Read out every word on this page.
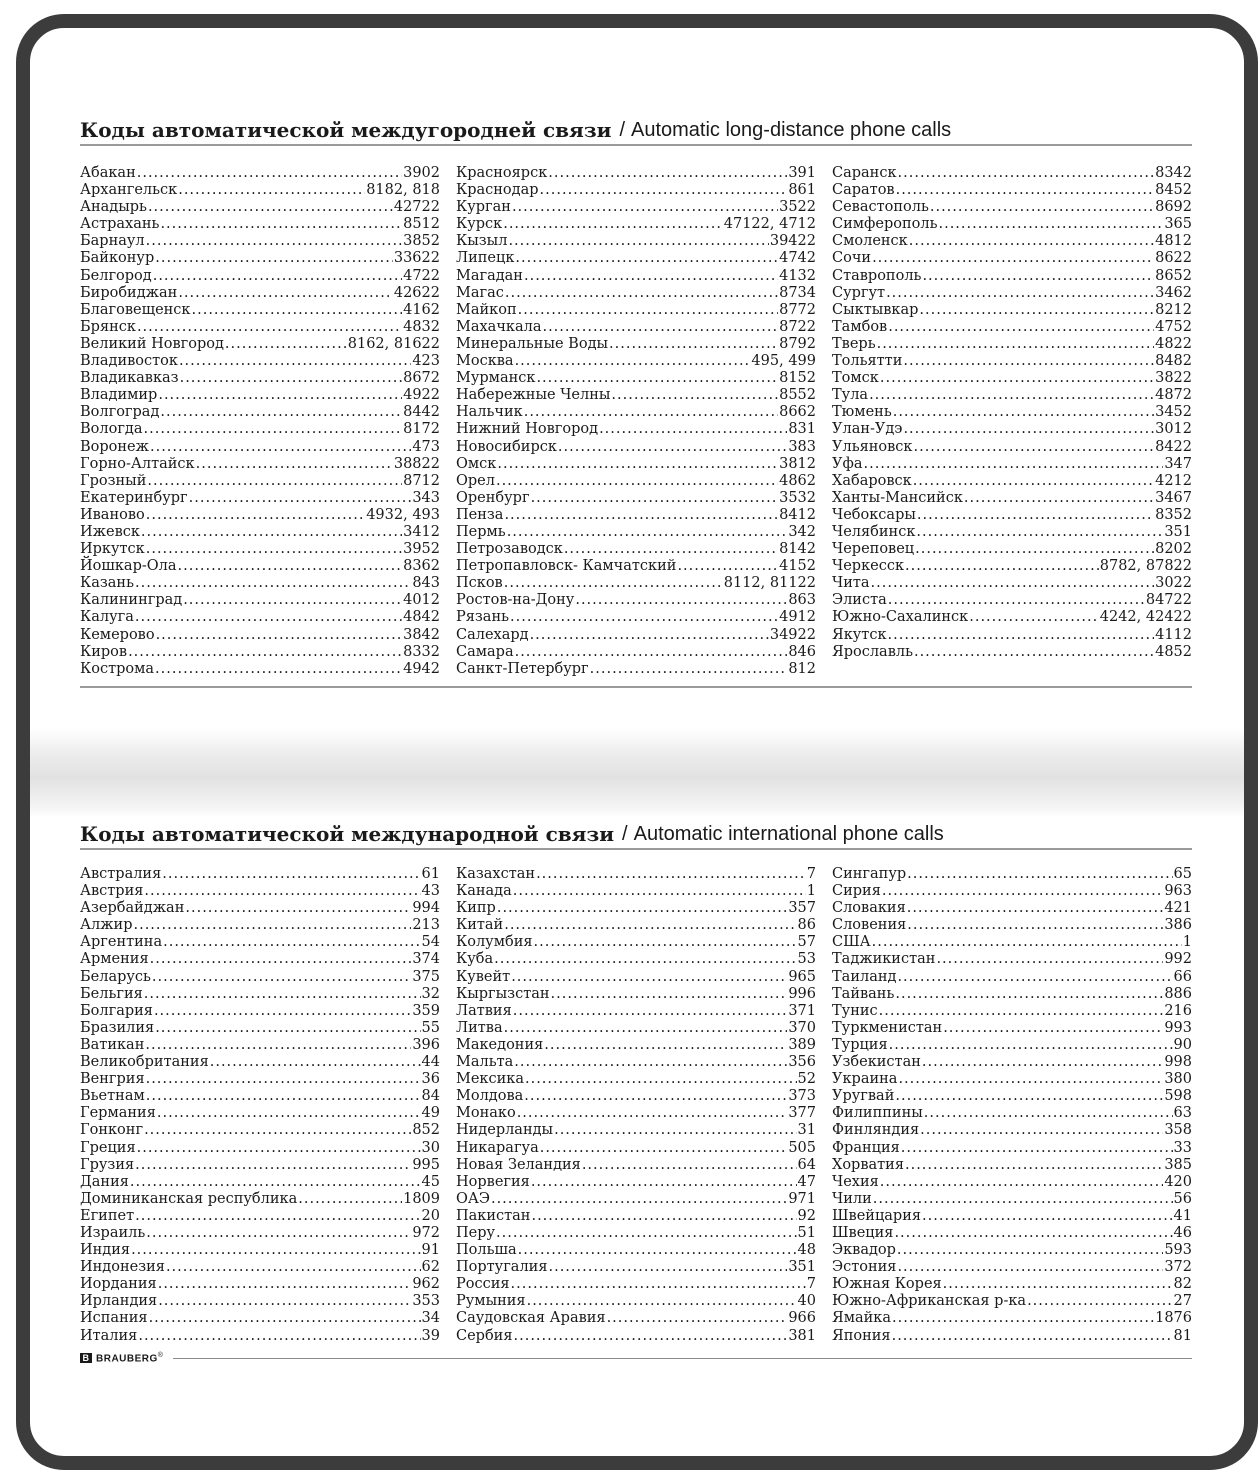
Коды автоматической междугородней связи / Automatic long-distance phone calls
Абакан .....	3902
Архангельск .....	8182, 818
Анадырь .....	42722
Астрахань .....	8512
Барнаул .....	3852
Байконур .....	33622
Белгород .....	4722
Биробиджан .....	42622
Благовещенск .....	4162
Брянск .....	4832
Великий Новгород .....	8162, 81622
Владивосток .....	423
Владикавказ .....	8672
Владимир .....	4922
Волгоград .....	8442
Вологда .....	8172
Воронеж .....	473
Горно-Алтайск .....	38822
Грозный .....	8712
Екатеринбург .....	343
Иваново .....	4932, 493
Ижевск .....	3412
Иркутск .....	3952
Йошкар-Ола .....	8362
Казань .....	843
Калининград .....	4012
Калуга .....	4842
Кемерово .....	3842
Киров .....	8332
Кострома .....	4942
Красноярск .....	391
Краснодар .....	861
Курган .....	3522
Курск .....	47122, 4712
Кызыл .....	39422
Липецк .....	4742
Магадан .....	4132
Магас .....	8734
Майкоп .....	8772
Махачкала .....	8722
Минеральные Воды .....	8792
Москва .....	495, 499
Мурманск .....	8152
Набережные Челны .....	8552
Нальчик .....	8662
Нижний Новгород .....	831
Новосибирск .....	383
Омск .....	3812
Орел .....	4862
Оренбург .....	3532
Пенза .....	8412
Пермь .....	342
Петрозаводск .....	8142
Петропавловск- Камчатский .....	4152
Псков .....	8112, 81122
Ростов-на-Дону .....	863
Рязань .....	4912
Салехард .....	34922
Самара .....	846
Санкт-Петербург .....	812
Саранск .....	8342
Саратов .....	8452
Севастополь .....	8692
Симферополь .....	365
Смоленск .....	4812
Сочи .....	8622
Ставрополь .....	8652
Сургут .....	3462
Сыктывкар .....	8212
Тамбов .....	4752
Тверь .....	4822
Тольятти .....	8482
Томск .....	3822
Тула .....	4872
Тюмень .....	3452
Улан-Удэ .....	3012
Ульяновск .....	8422
Уфа .....	347
Хабаровск .....	4212
Ханты-Мансийск .....	3467
Чебоксары .....	8352
Челябинск .....	351
Череповец .....	8202
Черкесск .....	8782, 87822
Чита .....	3022
Элиста .....	84722
Южно-Сахалинск .....	4242, 42422
Якутск .....	4112
Ярославль .....	4852
Коды автоматической международной связи / Automatic international phone calls
Австралия .....	61
Австрия .....	43
Азербайджан .....	994
Алжир .....	213
Аргентина .....	54
Армения .....	374
Беларусь .....	375
Бельгия .....	32
Болгария .....	359
Бразилия .....	55
Ватикан .....	396
Великобритания .....	44
Венгрия .....	36
Вьетнам .....	84
Германия .....	49
Гонконг .....	852
Греция .....	30
Грузия .....	995
Дания .....	45
Доминиканская республика .....	1809
Египет .....	20
Израиль .....	972
Индия .....	91
Индонезия .....	62
Иордания .....	962
Ирландия .....	353
Испания .....	34
Италия .....	39
Казахстан .....	7
Канада .....	1
Кипр .....	357
Китай .....	86
Колумбия .....	57
Куба .....	53
Кувейт .....	965
Кыргызстан .....	996
Латвия .....	371
Литва .....	370
Македония .....	389
Мальта .....	356
Мексика .....	52
Молдова .....	373
Монако .....	377
Нидерланды .....	31
Никарагуа .....	505
Новая Зеландия .....	64
Норвегия .....	47
ОАЭ .....	971
Пакистан .....	92
Перу .....	51
Польша .....	48
Португалия .....	351
Россия .....	7
Румыния .....	40
Саудовская Аравия .....	966
Сербия .....	381
Сингапур .....	65
Сирия .....	963
Словакия .....	421
Словения .....	386
США .....	1
Таджикистан .....	992
Таиланд .....	66
Тайвань .....	886
Тунис .....	216
Туркменистан .....	993
Турция .....	90
Узбекистан .....	998
Украина .....	380
Уругвай .....	598
Филиппины .....	63
Финляндия .....	358
Франция .....	33
Хорватия .....	385
Чехия .....	420
Чили .....	56
Швейцария .....	41
Швеция .....	46
Эквадор .....	593
Эстония .....	372
Южная Корея .....	82
Южно-Африканская р-ка .....	27
Ямайка .....	1876
Япония .....	81
B BRAUBERG®
